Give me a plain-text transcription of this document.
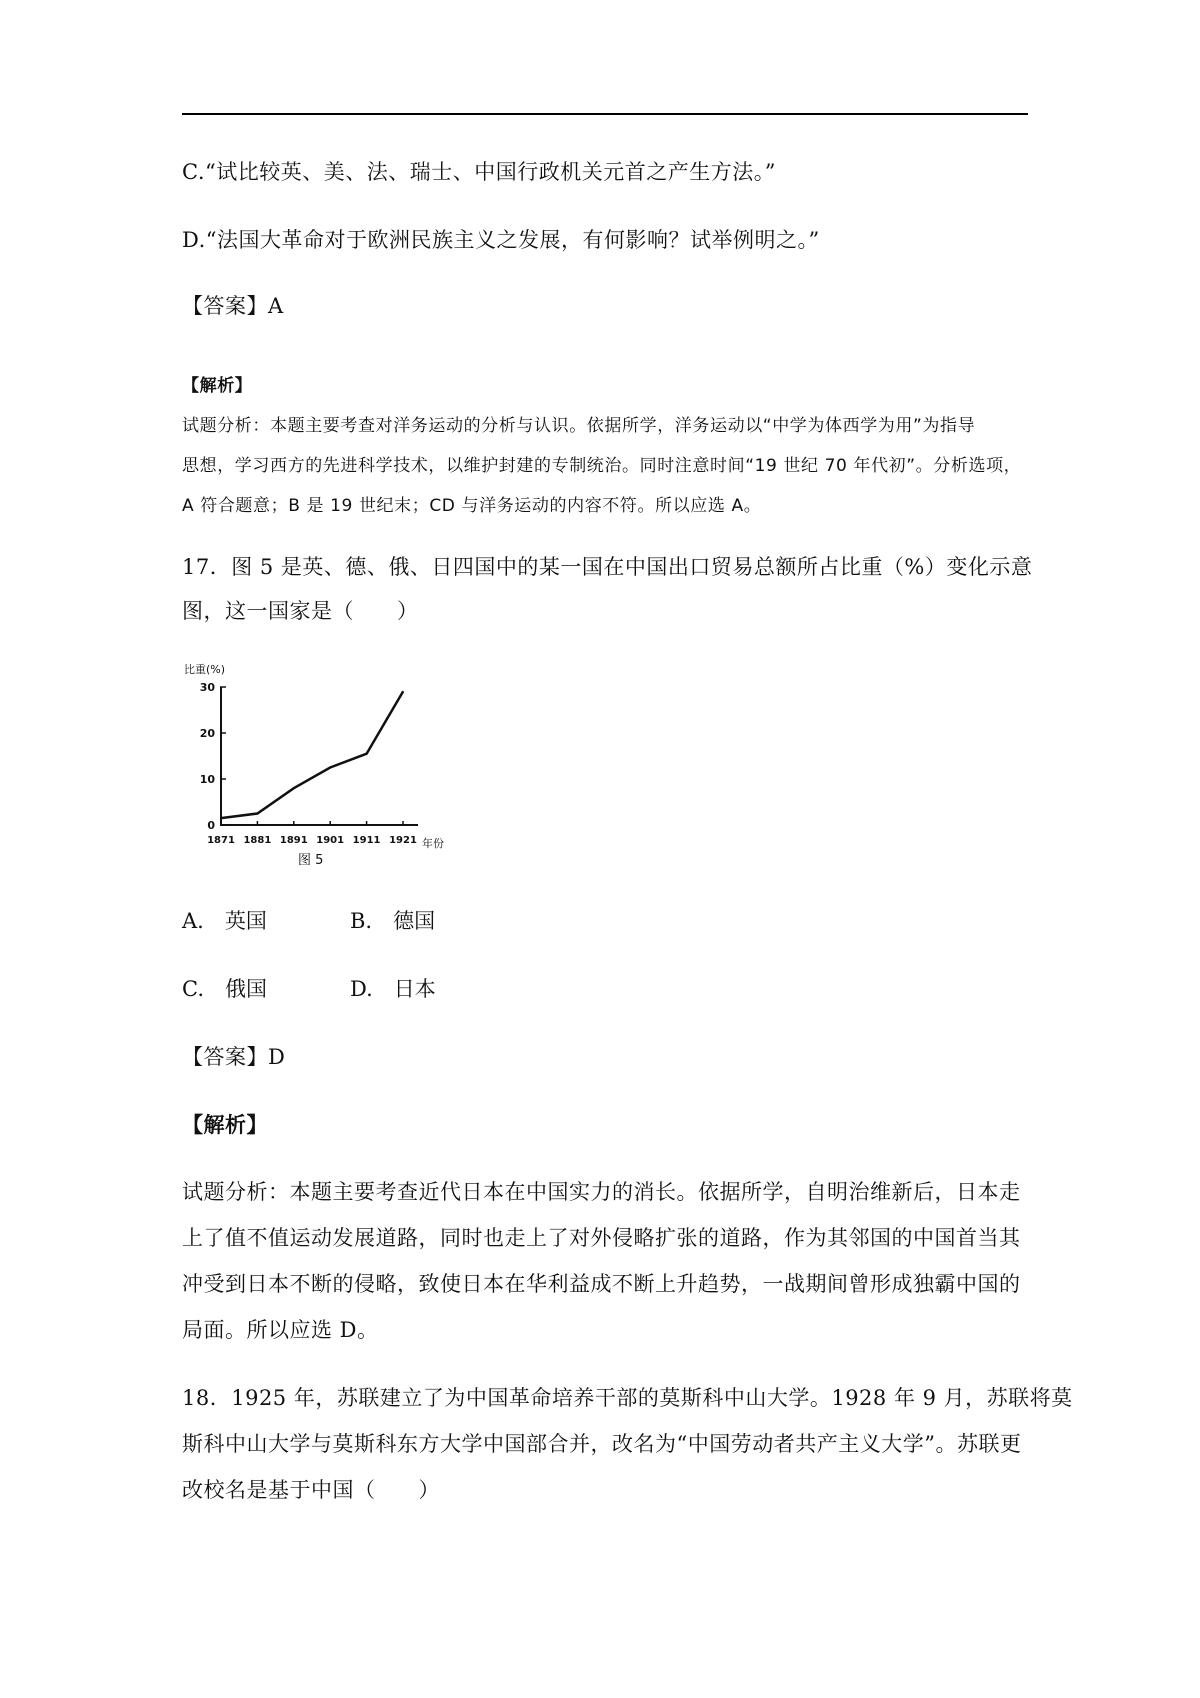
C.“试比较英、美、法、瑞士、中国行政机关元首之产生方法。”
D.“法国大革命对于欧洲民族主义之发展，有何影响？试举例明之。”
【答案】A
【解析】
试题分析：本题主要考查对洋务运动的分析与认识。依据所学，洋务运动以“中学为体西学为用”为指导
思想，学习西方的先进科学技术，以维护封建的专制统治。同时注意时间“19 世纪 70 年代初”。分析选项，
A 符合题意；B 是 19 世纪末；CD 与洋务运动的内容不符。所以应选 A。
17．图 5 是英、德、俄、日四国中的某一国在中国出口贸易总额所占比重（%）变化示意
图，这一国家是（　　）
比重(%)
0
10
20
30
1871 1881 1891 1901 1911 1921 年份
图 5
A.　英国	B.　德国
C.　俄国	D.　日本
【答案】D
【解析】
试题分析：本题主要考查近代日本在中国实力的消长。依据所学，自明治维新后，日本走
上了值不值运动发展道路，同时也走上了对外侵略扩张的道路，作为其邻国的中国首当其
冲受到日本不断的侵略，致使日本在华利益成不断上升趋势，一战期间曾形成独霸中国的
局面。所以应选 D。
18．1925 年，苏联建立了为中国革命培养干部的莫斯科中山大学。1928 年 9 月，苏联将莫
斯科中山大学与莫斯科东方大学中国部合并，改名为“中国劳动者共产主义大学”。苏联更
改校名是基于中国（　　）
